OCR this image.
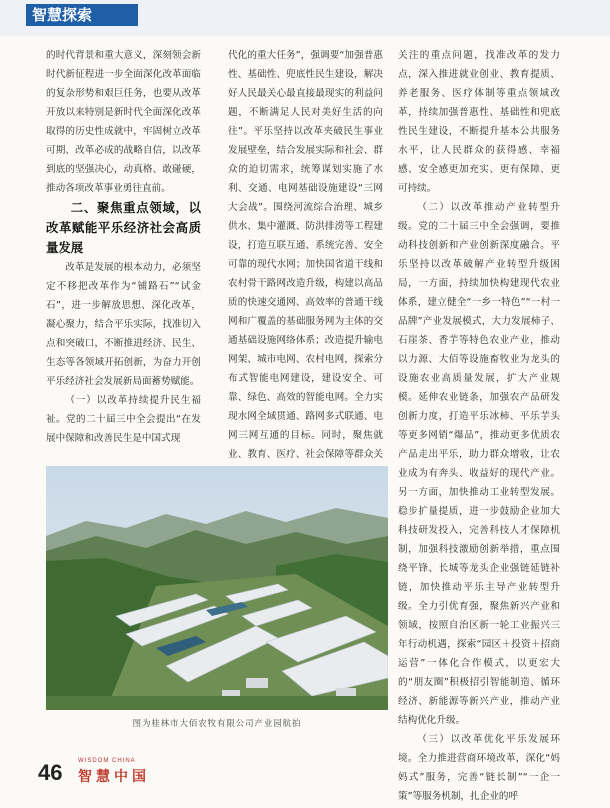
智慧探索

的时代背景和重大意义，深刻领会新时代新征程进一步全面深化改革面临的复杂形势和艰巨任务，也要从改革开放以来特别是新时代全面深化改革取得的历史性成就中，牢固树立改革可期、改革必成的战略自信，以改革到底的坚强决心，动真格、敢碰硬，推动各项改革事业勇往直前。

二、聚焦重点领域，以改革赋能平乐经济社会高质量发展

改革是发展的根本动力，必须坚定不移把改革作为“铺路石”“试金石”，进一步解放思想、深化改革，凝心聚力，结合平乐实际，找准切入点和突破口，不断推进经济、民生、生态等各领域开拓创新，为奋力开创平乐经济社会发展新局面蓄势赋能。

（一）以改革持续提升民生福祉。党的二十届三中全会提出“在发展中保障和改善民生是中国式现

代化的重大任务”，强调要“加强普惠性、基础性、兜底性民生建设，解决好人民最关心最直接最现实的利益问题，不断满足人民对美好生活的向往”。平乐坚持以改革夹破民生事业发展壁垒，结合发展实际和社会、群众的迫切需求，统筹谋划实施了水利、交通、电网基础设施建设“三网大会战”。围绕河流综合治理、城乡供水、集中灌溉、防洪排涝等工程建设，打造互联互通、系统完善、安全可靠的现代水网；加快国省道干线和农村骨干路网改造升级，构建以高品质的快速交通网、高效率的普通干线网和广覆盖的基础服务网为主体的交通基础设施网络体系；改造提升输电网架、城市电网、农村电网，探索分布式智能电网建设，建设安全、可靠、绿色、高效的智能电网。全力实现水网全域贯通、路网多式联通、电网三网互通的目标。同时，聚焦就业、教育、医疗、社会保障等群众关

关注的重点问题，找准改革的发力点，深入推进就业创业、教育提质、养老服务、医疗体制等重点领域改革，持续加强普惠性、基础性和兜底性民生建设，不断提升基本公共服务水平，让人民群众的获得感、幸福感、安全感更加充实、更有保障、更可持续。

（二）以改革推动产业转型升级。党的二十届三中全会强调，要推动科技创新和产业创新深度融合。平乐坚持以改革破解产业转型升级困局，一方面，持续加快构建现代农业体系，建立健全“一乡一特色”“一村一品牌”产业发展模式，大力发展柿子、石崖茶、香芋等特色农业产业，推动以力源、大佰等设施畜牧业为龙头的设施农业高质量发展，扩大产业规模。延伸农业链条，加强农产品研发创新力度，打造平乐冰柿、平乐芋头等更多网销“爆品”，推动更多优质农产品走出平乐，助力群众增收，让农业成为有奔头、收益好的现代产业。另一方面，加快推动工业转型发展。稳步扩量提质，进一步鼓励企业加大科技研发投入，完善科技人才保障机制，加强科技激励创新举措，重点围绕平锋、长城等龙头企业强链延链补链，加快推动平乐主导产业转型升级。全力引优育强，聚焦新兴产业和领域，按照自治区新一轮工业振兴三年行动机遇，探索“园区＋投资＋招商运营”一体化合作模式，以更宏大的“朋友圈”积极招引智能制造、循环经济、新能源等新兴产业，推动产业结构优化升级。

（三）以改革优化平乐发展环境。全力推进营商环境改革，深化“妈妈式”服务，完善“链长制”“一企一策”等服务机制，扎企业的呼

图为桂林市大佰农牧有限公司产业园航拍
46	WISDOM CHINA
智慧中国
